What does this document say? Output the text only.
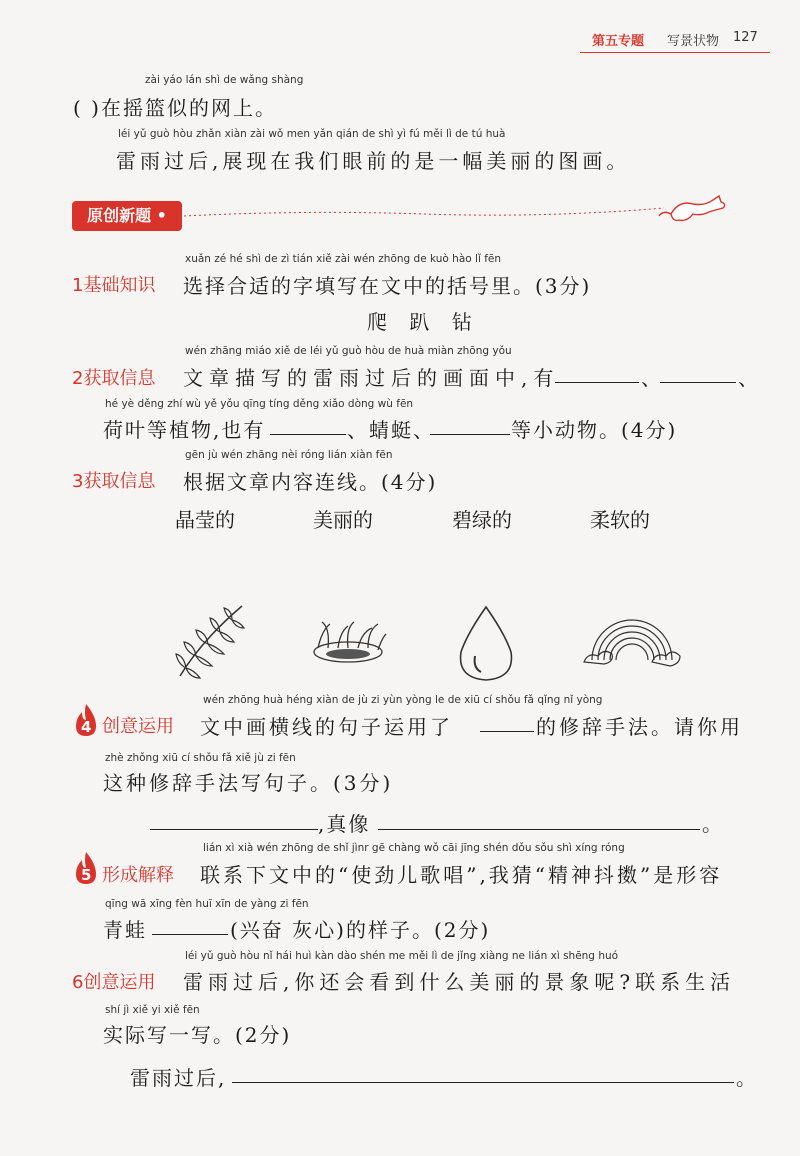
第五专题 写景状物 127
zài yáo lán shì de wǎng shàng
( )在摇篮似的网上。
léi yǔ guò hòu zhǎn xiàn zài wǒ men yǎn qián de shì yì fú měi lì de tú huà
雷雨过后,展现在我们眼前的是一幅美丽的图画。
原创新题 •
xuǎn zé hé shì de zì tián xiě zài wén zhōng de kuò hào lǐ fēn
1基础知识 选择合适的字填写在文中的括号里。(3分)
爬 趴 钻
wén zhāng miáo xiě de léi yǔ guò hòu de huà miàn zhōng yǒu
2获取信息 文章描写的雷雨过后的画面中,有	、	、
hé yè děng zhí wù yě yǒu qīng tíng děng xiǎo dòng wù fēn
荷叶等植物,也有	、蜻蜓、	等小动物。(4分)
gēn jù wén zhāng nèi róng lián xiàn fēn
3获取信息 根据文章内容连线。(4分)
晶莹的	美丽的	碧绿的	柔软的
4
wén zhōng huà héng xiàn de jù zi yùn yòng le de xiū cí shǒu fǎ qǐng nǐ yòng
创意运用 文中画横线的句子运用了	的修辞手法。请你用
zhè zhǒng xiū cí shǒu fǎ xiě jù zi fēn
这种修辞手法写句子。(3分)
,真像	。
5
lián xì xià wén zhōng de shǐ jìnr gē chàng wǒ cāi jīng shén dǒu sǒu shì xíng róng
形成解释 联系下文中的“使劲儿歌唱”,我猜“精神抖擞”是形容
qīng wā xīng fèn huī xīn de yàng zi fēn
青蛙	(兴奋 灰心)的样子。(2分)
léi yǔ guò hòu nǐ hái huì kàn dào shén me měi lì de jǐng xiàng ne lián xì shēng huó
6创意运用 雷雨过后,你还会看到什么美丽的景象呢?联系生活
shí jì xiě yi xiě fēn
实际写一写。(2分)
雷雨过后,	。
